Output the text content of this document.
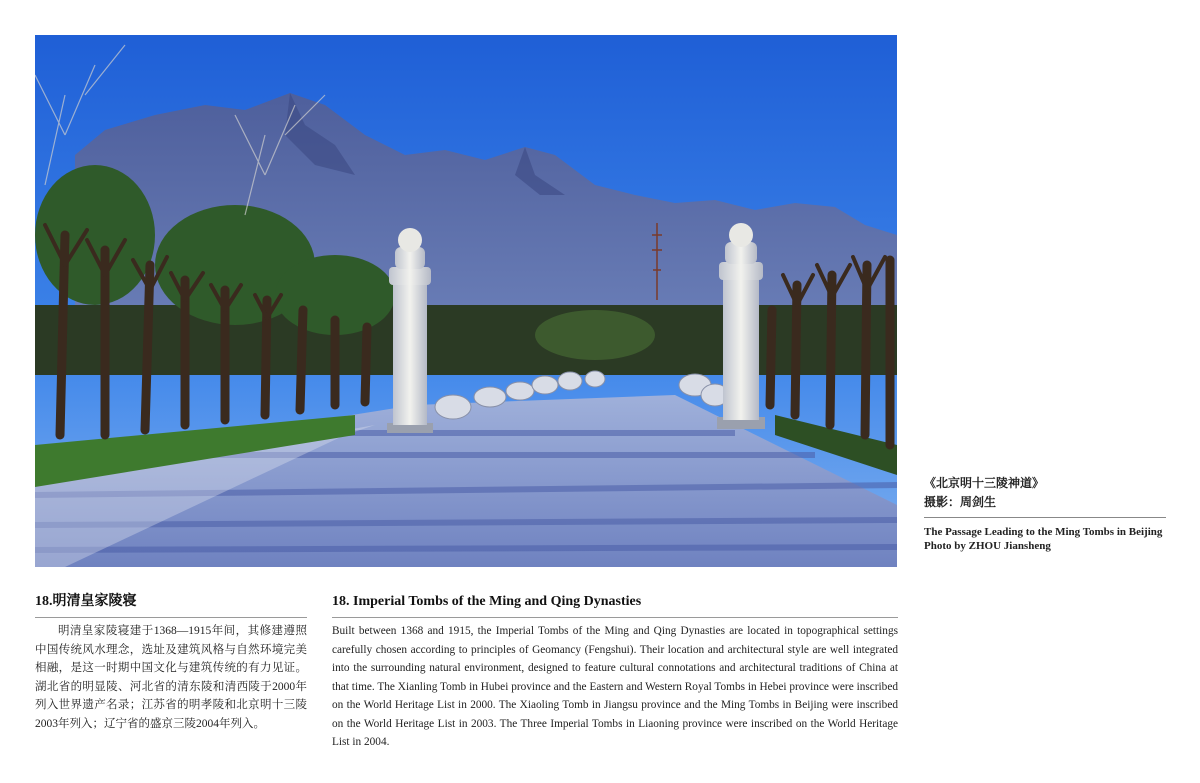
《北京明十三陵神道》
摄影：周剑生
The Passage Leading to the Ming Tombs in Beijing
Photo by ZHOU Jiansheng
18.明清皇家陵寝

明清皇家陵寝建于1368—1915年间，其修建遵照中国传统风水理念，选址及建筑风格与自然环境完美相融，是这一时期中国文化与建筑传统的有力见证。湖北省的明显陵、河北省的清东陵和清西陵于2000年列入世界遗产名录；江苏省的明孝陵和北京明十三陵2003年列入；辽宁省的盛京三陵2004年列入。

18. Imperial Tombs of the Ming and Qing Dynasties

Built between 1368 and 1915, the Imperial Tombs of the Ming and Qing Dynasties are located in topographical settings carefully chosen according to principles of Geomancy (Fengshui). Their location and architectural style are well integrated into the surrounding natural environment, designed to feature cultural connotations and architectural traditions of China at that time. The Xianling Tomb in Hubei province and the Eastern and Western Royal Tombs in Hebei province were inscribed on the World Heritage List in 2000. The Xiaoling Tomb in Jiangsu province and the Ming Tombs in Beijing were inscribed on the World Heritage List in 2003. The Three Imperial Tombs in Liaoning province were inscribed on the World Heritage List in 2004.
